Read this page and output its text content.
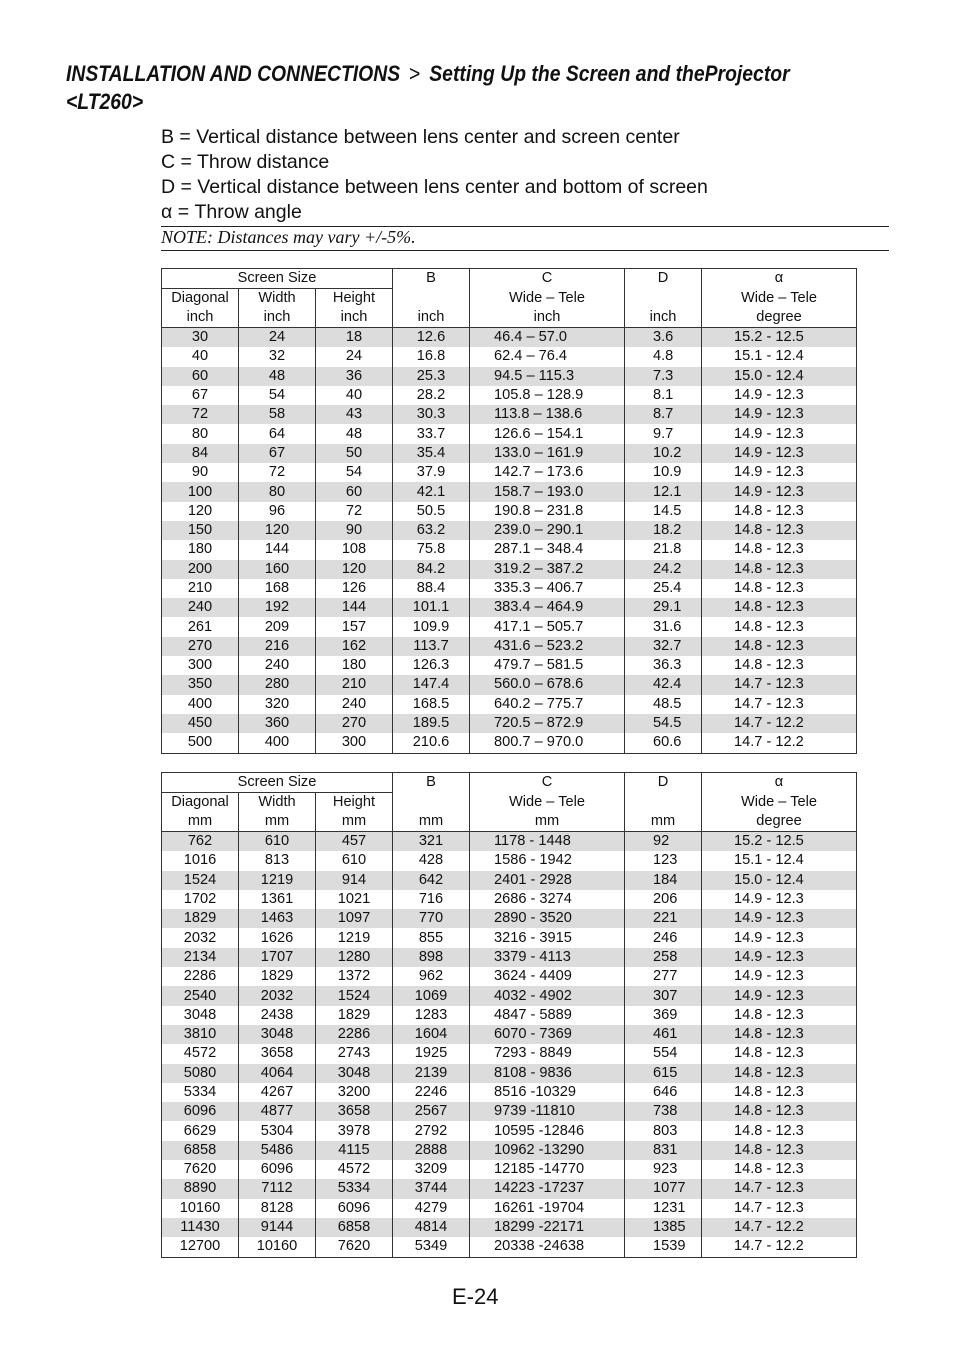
INSTALLATION AND CONNECTIONS > Setting Up the Screen and theProjector
<LT260>
B = Vertical distance between lens center and screen center
C = Throw distance
D = Vertical distance between lens center and bottom of screen
α = Throw angle
NOTE: Distances may vary +/-5%.
Screen Size			B	C	D	α
Diagonal	Width	Height		Wide – Tele		Wide – Tele
inch	inch	inch	inch	inch	inch	degree
30	24	18	12.6	46.4 – 57.0	3.6	15.2 - 12.5
40	32	24	16.8	62.4 – 76.4	4.8	15.1 - 12.4
60	48	36	25.3	94.5 – 115.3	7.3	15.0 - 12.4
67	54	40	28.2	105.8 – 128.9	8.1	14.9 - 12.3
72	58	43	30.3	113.8 – 138.6	8.7	14.9 - 12.3
80	64	48	33.7	126.6 – 154.1	9.7	14.9 - 12.3
84	67	50	35.4	133.0 – 161.9	10.2	14.9 - 12.3
90	72	54	37.9	142.7 – 173.6	10.9	14.9 - 12.3
100	80	60	42.1	158.7 – 193.0	12.1	14.9 - 12.3
120	96	72	50.5	190.8 – 231.8	14.5	14.8 - 12.3
150	120	90	63.2	239.0 – 290.1	18.2	14.8 - 12.3
180	144	108	75.8	287.1 – 348.4	21.8	14.8 - 12.3
200	160	120	84.2	319.2 – 387.2	24.2	14.8 - 12.3
210	168	126	88.4	335.3 – 406.7	25.4	14.8 - 12.3
240	192	144	101.1	383.4 – 464.9	29.1	14.8 - 12.3
261	209	157	109.9	417.1 – 505.7	31.6	14.8 - 12.3
270	216	162	113.7	431.6 – 523.2	32.7	14.8 - 12.3
300	240	180	126.3	479.7 – 581.5	36.3	14.8 - 12.3
350	280	210	147.4	560.0 – 678.6	42.4	14.7 - 12.3
400	320	240	168.5	640.2 – 775.7	48.5	14.7 - 12.3
450	360	270	189.5	720.5 – 872.9	54.5	14.7 - 12.2
500	400	300	210.6	800.7 – 970.0	60.6	14.7 - 12.2
Screen Size			B	C	D	α
Diagonal	Width	Height		Wide – Tele		Wide – Tele
mm	mm	mm	mm	mm	mm	degree
762	610	457	321	1178 - 1448	92	15.2 - 12.5
1016	813	610	428	1586 - 1942	123	15.1 - 12.4
1524	1219	914	642	2401 - 2928	184	15.0 - 12.4
1702	1361	1021	716	2686 - 3274	206	14.9 - 12.3
1829	1463	1097	770	2890 - 3520	221	14.9 - 12.3
2032	1626	1219	855	3216 - 3915	246	14.9 - 12.3
2134	1707	1280	898	3379 - 4113	258	14.9 - 12.3
2286	1829	1372	962	3624 - 4409	277	14.9 - 12.3
2540	2032	1524	1069	4032 - 4902	307	14.9 - 12.3
3048	2438	1829	1283	4847 - 5889	369	14.8 - 12.3
3810	3048	2286	1604	6070 - 7369	461	14.8 - 12.3
4572	3658	2743	1925	7293 - 8849	554	14.8 - 12.3
5080	4064	3048	2139	8108 - 9836	615	14.8 - 12.3
5334	4267	3200	2246	8516 -10329	646	14.8 - 12.3
6096	4877	3658	2567	9739 -11810	738	14.8 - 12.3
6629	5304	3978	2792	10595 -12846	803	14.8 - 12.3
6858	5486	4115	2888	10962 -13290	831	14.8 - 12.3
7620	6096	4572	3209	12185 -14770	923	14.8 - 12.3
8890	7112	5334	3744	14223 -17237	1077	14.7 - 12.3
10160	8128	6096	4279	16261 -19704	1231	14.7 - 12.3
11430	9144	6858	4814	18299 -22171	1385	14.7 - 12.2
12700	10160	7620	5349	20338 -24638	1539	14.7 - 12.2
E-24
